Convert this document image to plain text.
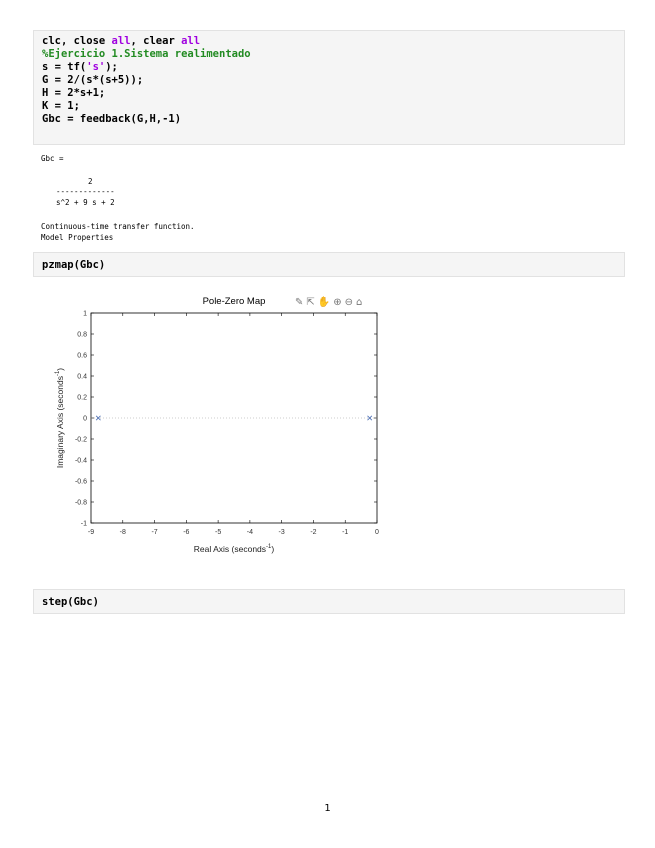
clc, close all, clear all
%Ejercicio 1.Sistema realimentado
s = tf('s');
G = 2/(s*(s+5));
H = 2*s+1;
K = 1;
Gbc = feedback(G,H,-1)
Gbc =
2
-------------
s^2 + 9 s + 2
Continuous-time transfer function.
Model Properties
pzmap(Gbc)
Pole-Zero Map
-9	-8	-7	-6	-5	-4	-3	-2	-1	0
1
0.8
0.6
0.4
0.2
0
-0.2
-0.4
-0.6
-0.8
-1
Real Axis (seconds$^{-1}$)
Imaginary Axis (seconds$^{-1}$)
✎ ⇱ ✋ ⊕ ⊖ ⌂
step(Gbc)
1
